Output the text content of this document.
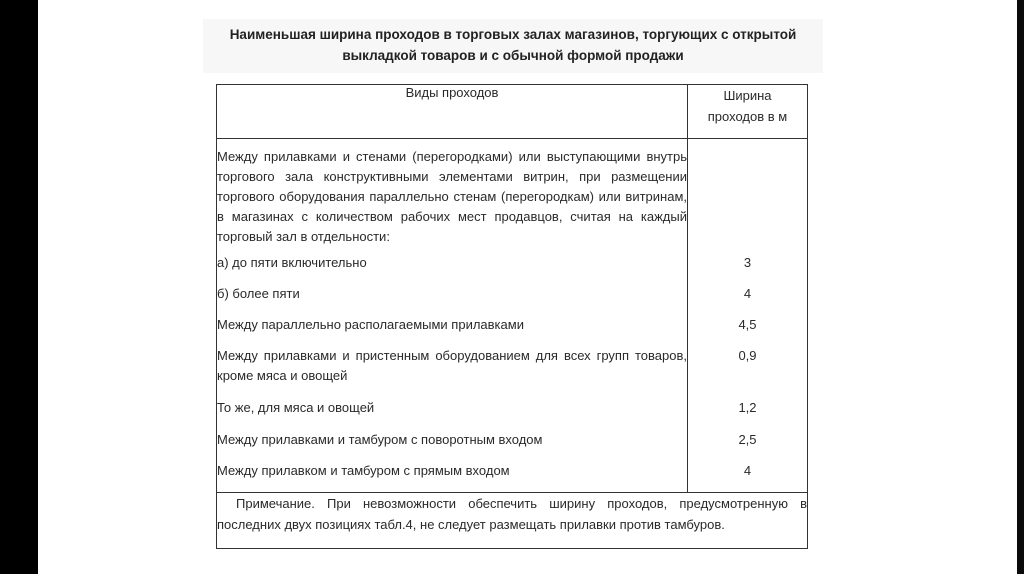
Наименьшая ширина проходов в торговых залах магазинов, торгующих с открытой
выкладкой товаров и с обычной формой продажи

Виды проходов	Ширина
проходов в м
Между прилавками и стенами (перегородками) или выступающими внутрь торгового зала конструктивными элементами витрин, при размещении торгового оборудования параллельно стенам (перегородкам) или витринам, в магазинах с количеством рабочих мест продавцов, считая на каждый торговый зал в отдельности:	
а) до пяти включительно	3
б) более пяти	4
Между параллельно располагаемыми прилавками	4,5
Между прилавками и пристенным оборудованием для всех групп товаров, кроме мяса и овощей	0,9
То же, для мяса и овощей	1,2
Между прилавками и тамбуром с поворотным входом	2,5
Между прилавком и тамбуром с прямым входом	4
Примечание. При невозможности обеспечить ширину проходов, предусмотренную в последних двух позициях табл.4, не следует размещать прилавки против тамбуров.	
